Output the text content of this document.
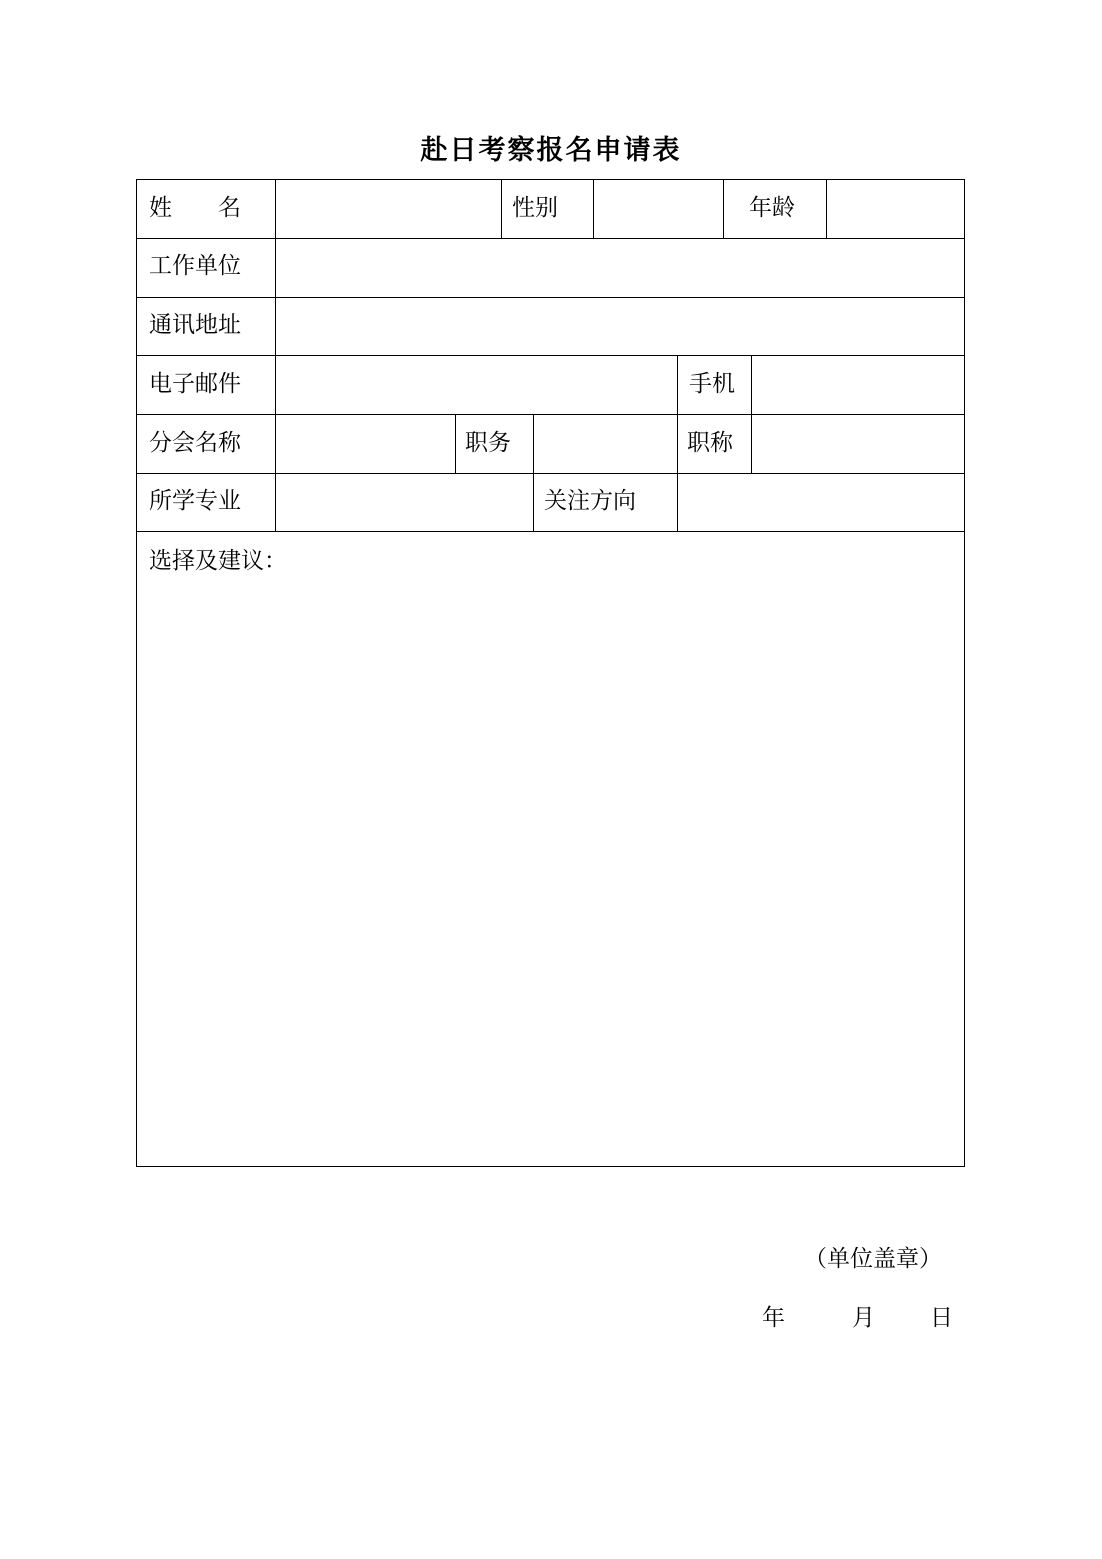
赴日考察报名申请表
姓　　名	性别	年龄
工作单位
通讯地址
电子邮件	手机
分会名称	职务	职称
所学专业	关注方向
选择及建议：
（单位盖章）
年	月 日
